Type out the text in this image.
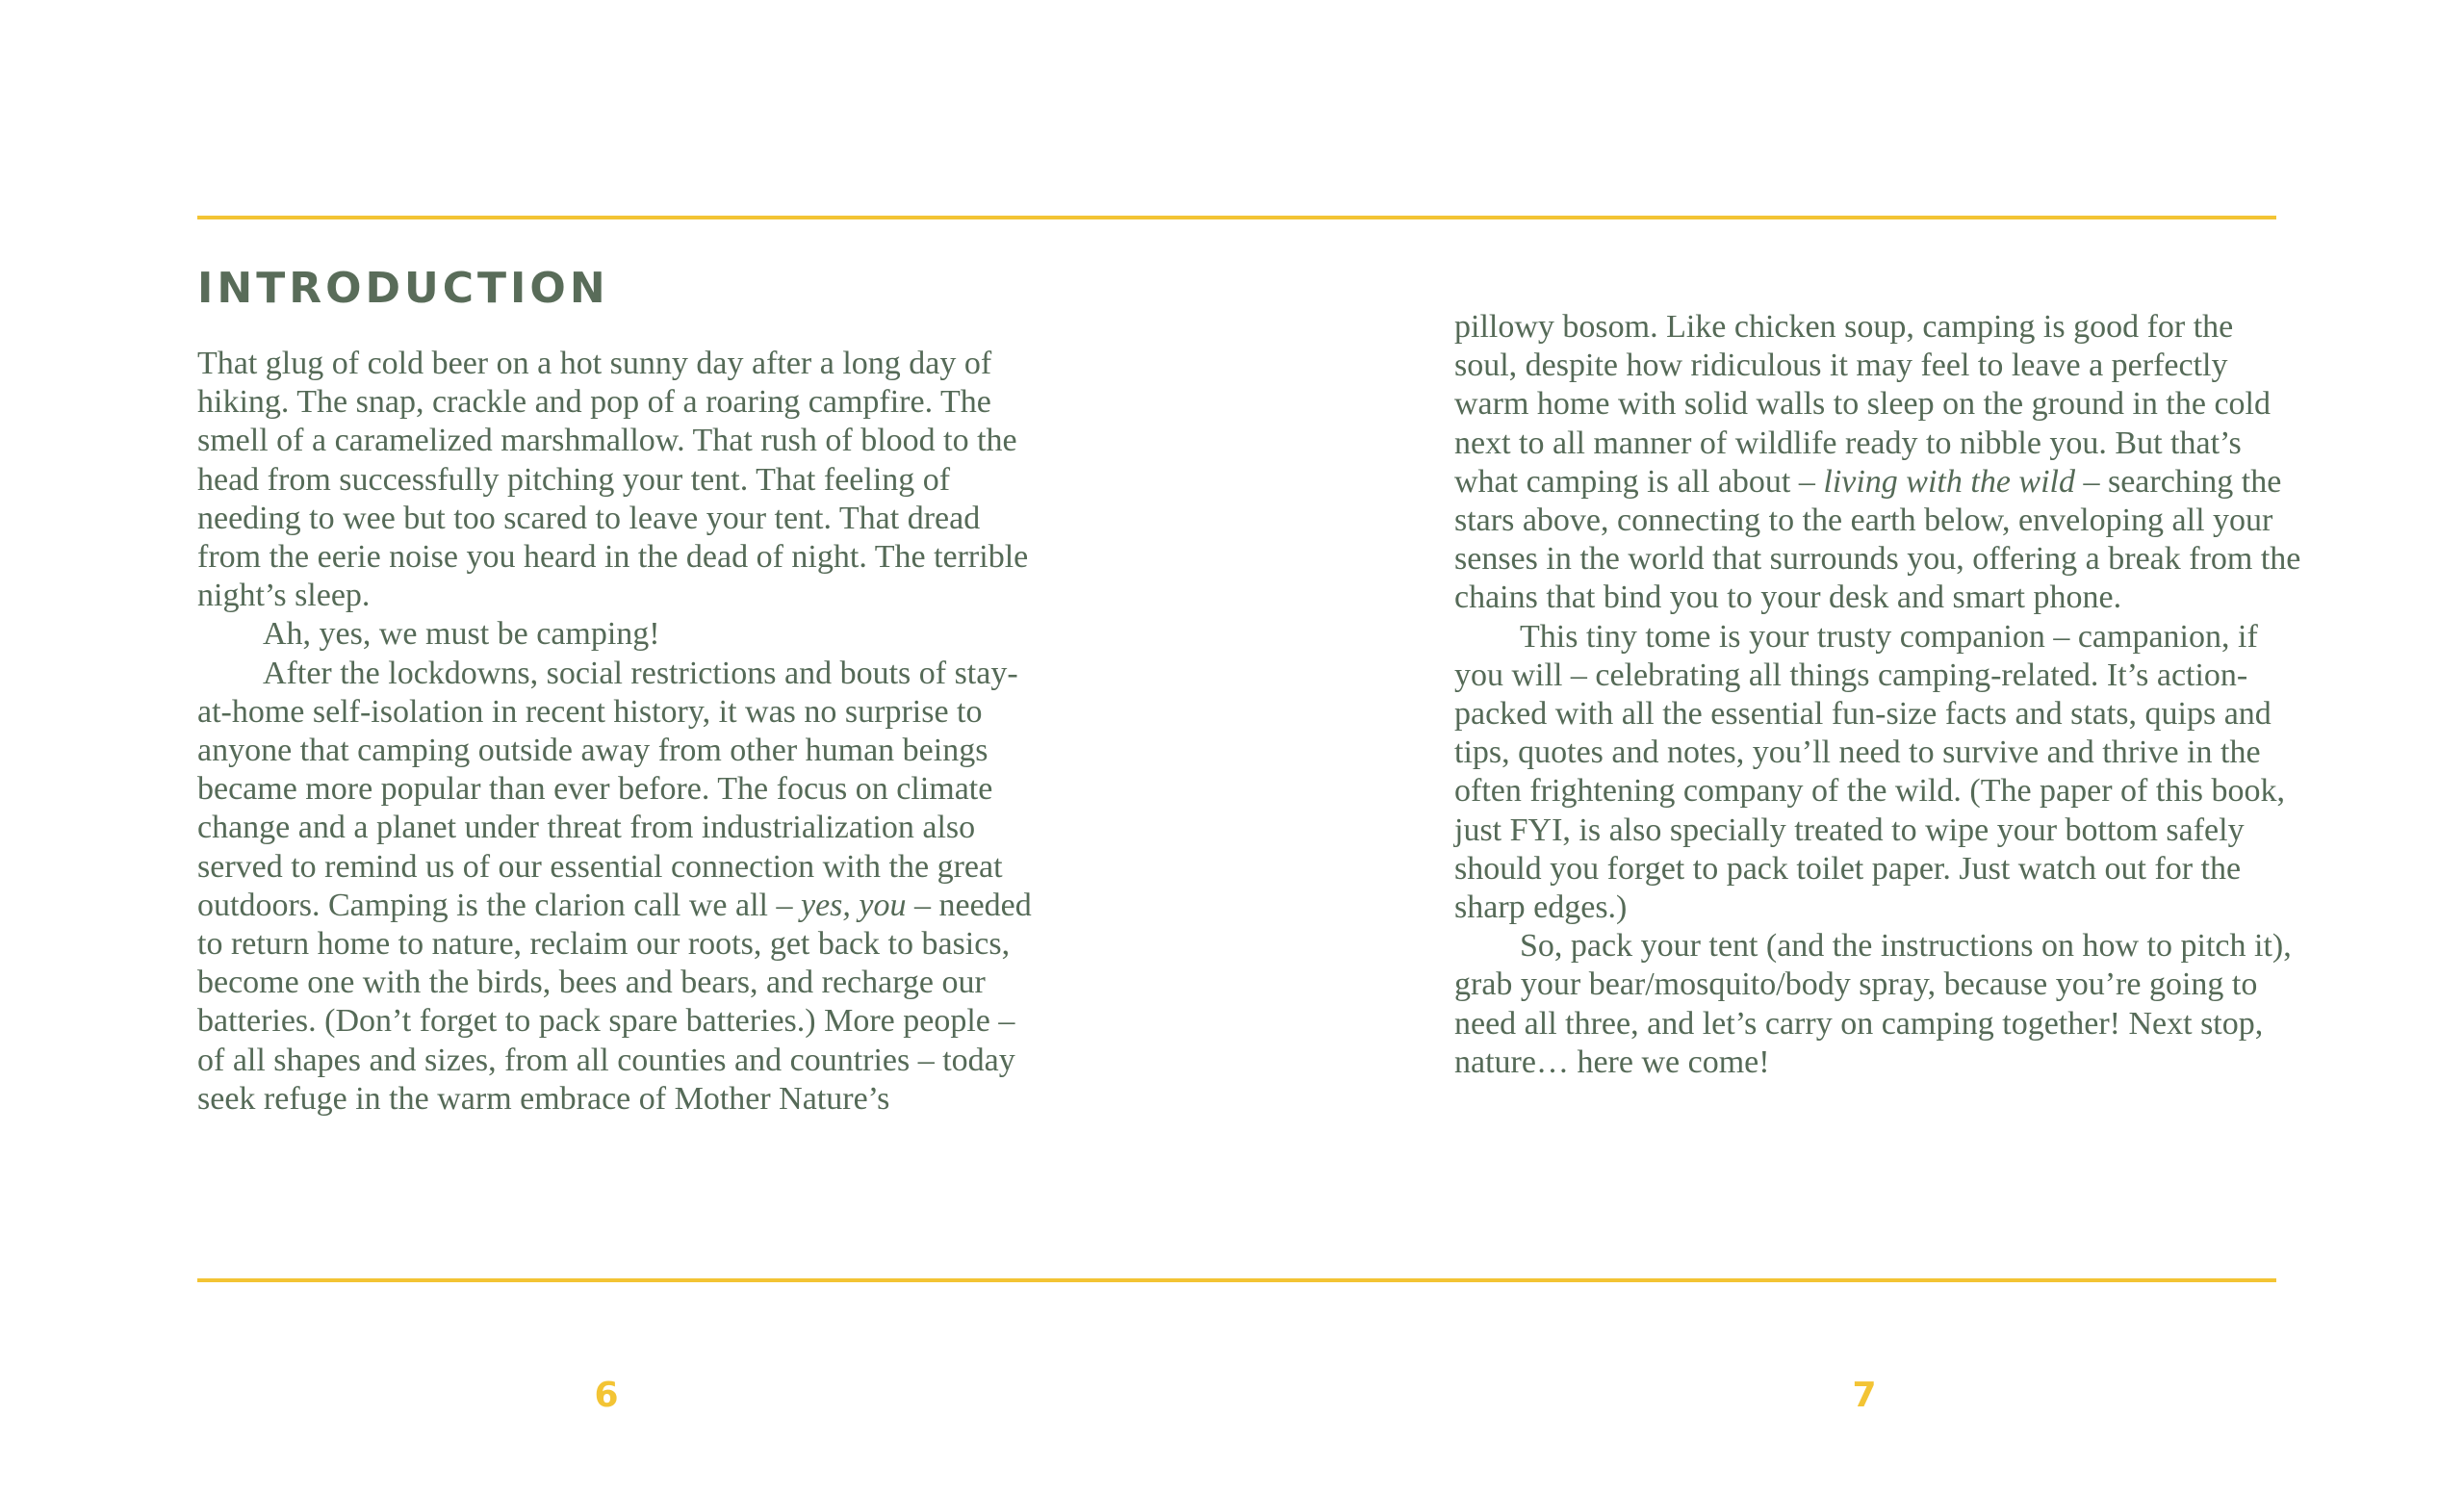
INTRODUCTION

That glug of cold beer on a hot sunny day after a long day of hiking. The snap, crackle and pop of a roaring campfire. The smell of a caramelized marshmallow. That rush of blood to the head from successfully pitching your tent. That feeling of needing to wee but too scared to leave your tent. That dread from the eerie noise you heard in the dead of night. The terrible night’s sleep.

Ah, yes, we must be camping!

After the lockdowns, social restrictions and bouts of stay-at-home self-isolation in recent history, it was no surprise to anyone that camping outside away from other human beings became more popular than ever before. The focus on climate change and a planet under threat from industrialization also served to remind us of our essential connection with the great outdoors. Camping is the clarion call we all – yes, you – needed to return home to nature, reclaim our roots, get back to basics, become one with the birds, bees and bears, and recharge our batteries. (Don’t forget to pack spare batteries.) More people – of all shapes and sizes, from all counties and countries – today seek refuge in the warm embrace of Mother Nature’s

pillowy bosom. Like chicken soup, camping is good for the soul, despite how ridiculous it may feel to leave a perfectly warm home with solid walls to sleep on the ground in the cold next to all manner of wildlife ready to nibble you. But that’s what camping is all about – living with the wild – searching the stars above, connecting to the earth below, enveloping all your senses in the world that surrounds you, offering a break from the chains that bind you to your desk and smart phone.

This tiny tome is your trusty companion – campanion, if you will – celebrating all things camping-related. It’s action-packed with all the essential fun-size facts and stats, quips and tips, quotes and notes, you’ll need to survive and thrive in the often frightening company of the wild. (The paper of this book, just FYI, is also specially treated to wipe your bottom safely should you forget to pack toilet paper. Just watch out for the sharp edges.)

So, pack your tent (and the instructions on how to pitch it), grab your bear/mosquito/body spray, because you’re going to need all three, and let’s carry on camping together! Next stop, nature… here we come!

6	7
